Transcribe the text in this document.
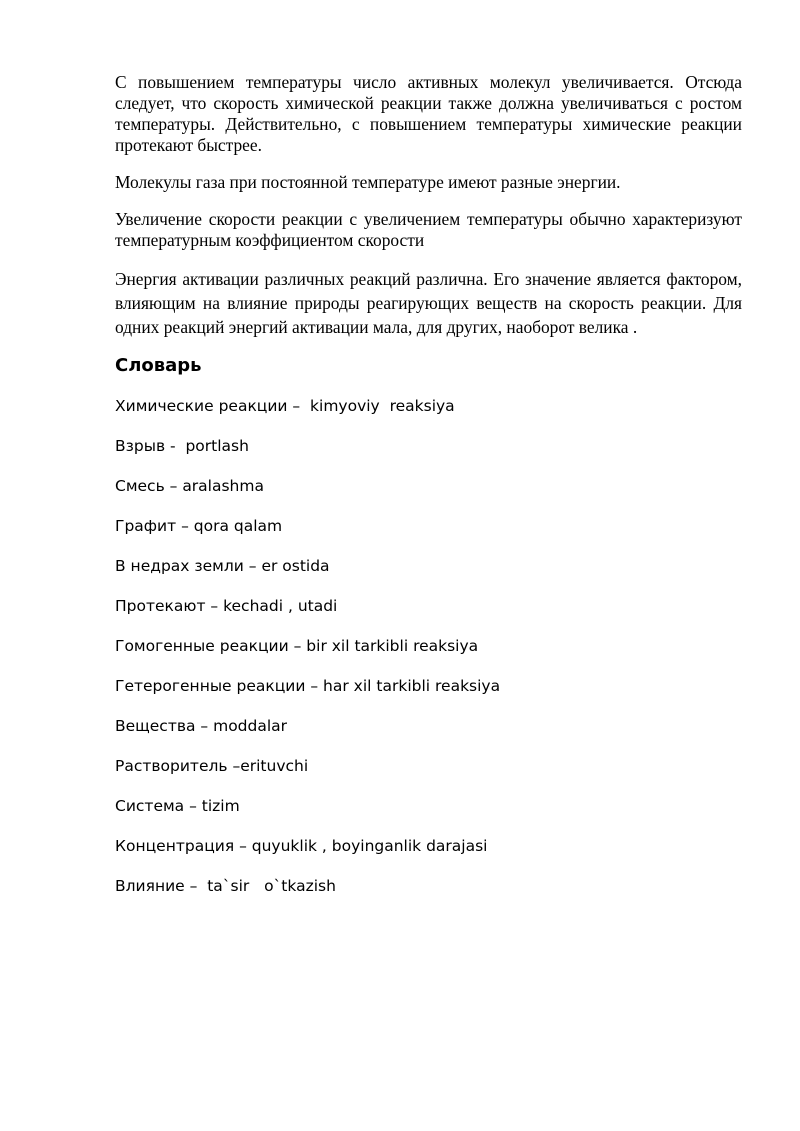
С повышением температуры число активных молекул увеличивается. Отсюда следует, что скорость химической реакции также должна увеличиваться с ростом температуры. Действительно, с повышением температуры химические реакции протекают быстрее.

Молекулы газа при постоянной температуре имеют разные энергии.

Увеличение скорости реакции с увеличением температуры обычно характеризуют температурным коэффициентом скорости

Энергия активации различных реакций различна. Его значение является фактором, влияющим на влияние природы реагирующих веществ на скорость реакции. Для одних реакций энергий активации мала, для других, наоборот велика .

Словарь
Химические реакции –  kimyoviy  reaksiya
Взрыв -  portlash
Смесь – aralashma
Графит – qora qalam
В недрах земли – er ostida
Протекают – kechadi , utadi
Гомогенные реакции – bir xil tarkibli reaksiya
Гетерогенные реакции – har xil tarkibli reaksiya
Вещества – moddalar
Растворитель –erituvchi
Система – tizim
Концентрация – quyuklik , boyinganlik darajasi
Влияние –  ta`sir   o`tkazish
